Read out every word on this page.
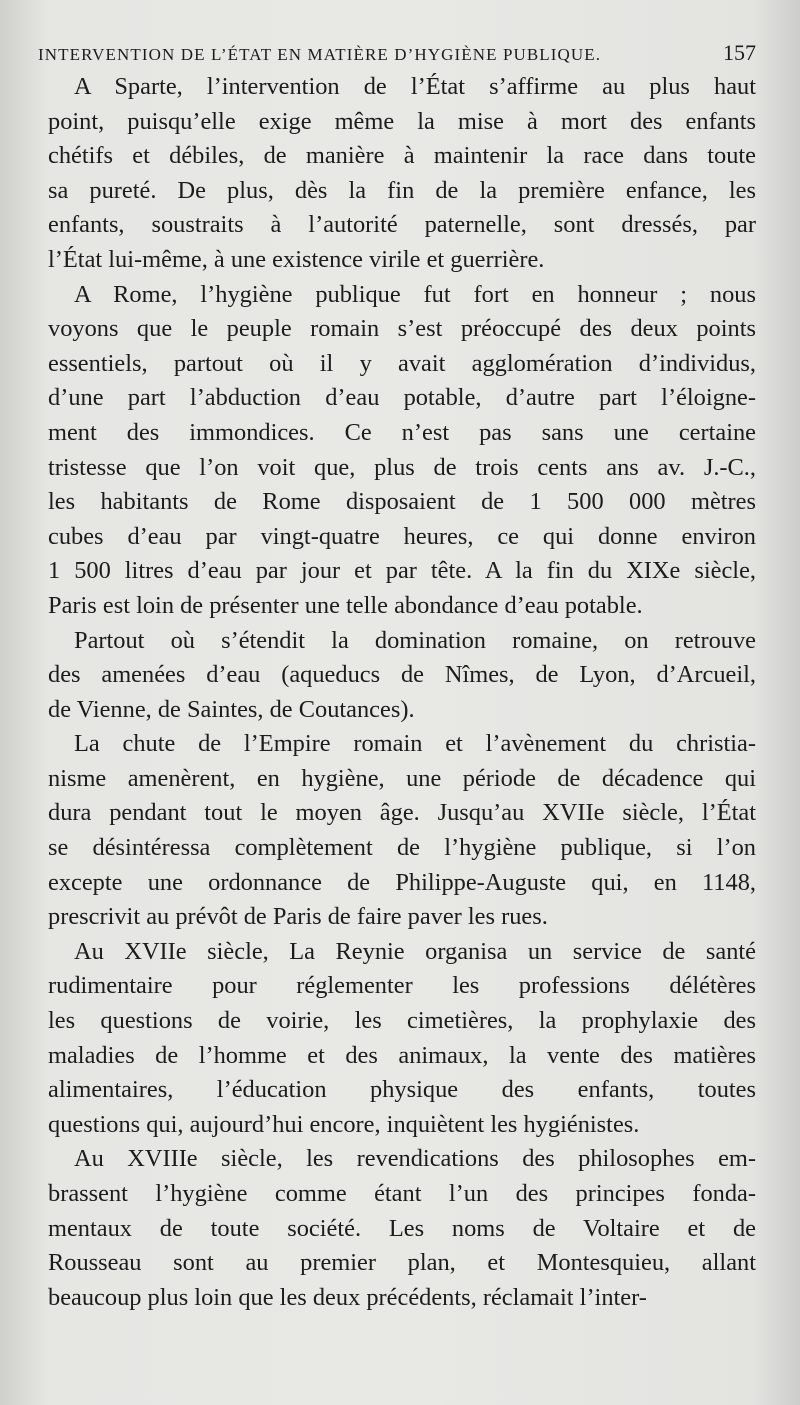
INTERVENTION DE L’ÉTAT EN MATIÈRE D’HYGIÈNE PUBLIQUE.	157

A Sparte, l’intervention de l’État s’affirme au plus haut
point, puisqu’elle exige même la mise à mort des enfants
chétifs et débiles, de manière à maintenir la race dans toute
sa pureté. De plus, dès la fin de la première enfance, les
enfants, soustraits à l’autorité paternelle, sont dressés, par
l’État lui-même, à une existence virile et guerrière.

A Rome, l’hygiène publique fut fort en honneur ; nous
voyons que le peuple romain s’est préoccupé des deux points
essentiels, partout où il y avait agglomération d’individus,
d’une part l’abduction d’eau potable, d’autre part l’éloigne-
ment des immondices. Ce n’est pas sans une certaine
tristesse que l’on voit que, plus de trois cents ans av. J.-C.,
les habitants de Rome disposaient de 1 500 000 mètres
cubes d’eau par vingt-quatre heures, ce qui donne environ
1 500 litres d’eau par jour et par tête. A la fin du XIXe siècle,
Paris est loin de présenter une telle abondance d’eau potable.

Partout où s’étendit la domination romaine, on retrouve
des amenées d’eau (aqueducs de Nîmes, de Lyon, d’Arcueil,
de Vienne, de Saintes, de Coutances).

La chute de l’Empire romain et l’avènement du christia-
nisme amenèrent, en hygiène, une période de décadence qui
dura pendant tout le moyen âge. Jusqu’au XVIIe siècle, l’État
se désintéressa complètement de l’hygiène publique, si l’on
excepte une ordonnance de Philippe-Auguste qui, en 1148,
prescrivit au prévôt de Paris de faire paver les rues.

Au XVIIe siècle, La Reynie organisa un service de santé
rudimentaire pour réglementer les professions délétères
les questions de voirie, les cimetières, la prophylaxie des
maladies de l’homme et des animaux, la vente des matières
alimentaires, l’éducation physique des enfants, toutes
questions qui, aujourd’hui encore, inquiètent les hygiénistes.

Au XVIIIe siècle, les revendications des philosophes em-
brassent l’hygiène comme étant l’un des principes fonda-
mentaux de toute société. Les noms de Voltaire et de
Rousseau sont au premier plan, et Montesquieu, allant
beaucoup plus loin que les deux précédents, réclamait l’inter-
